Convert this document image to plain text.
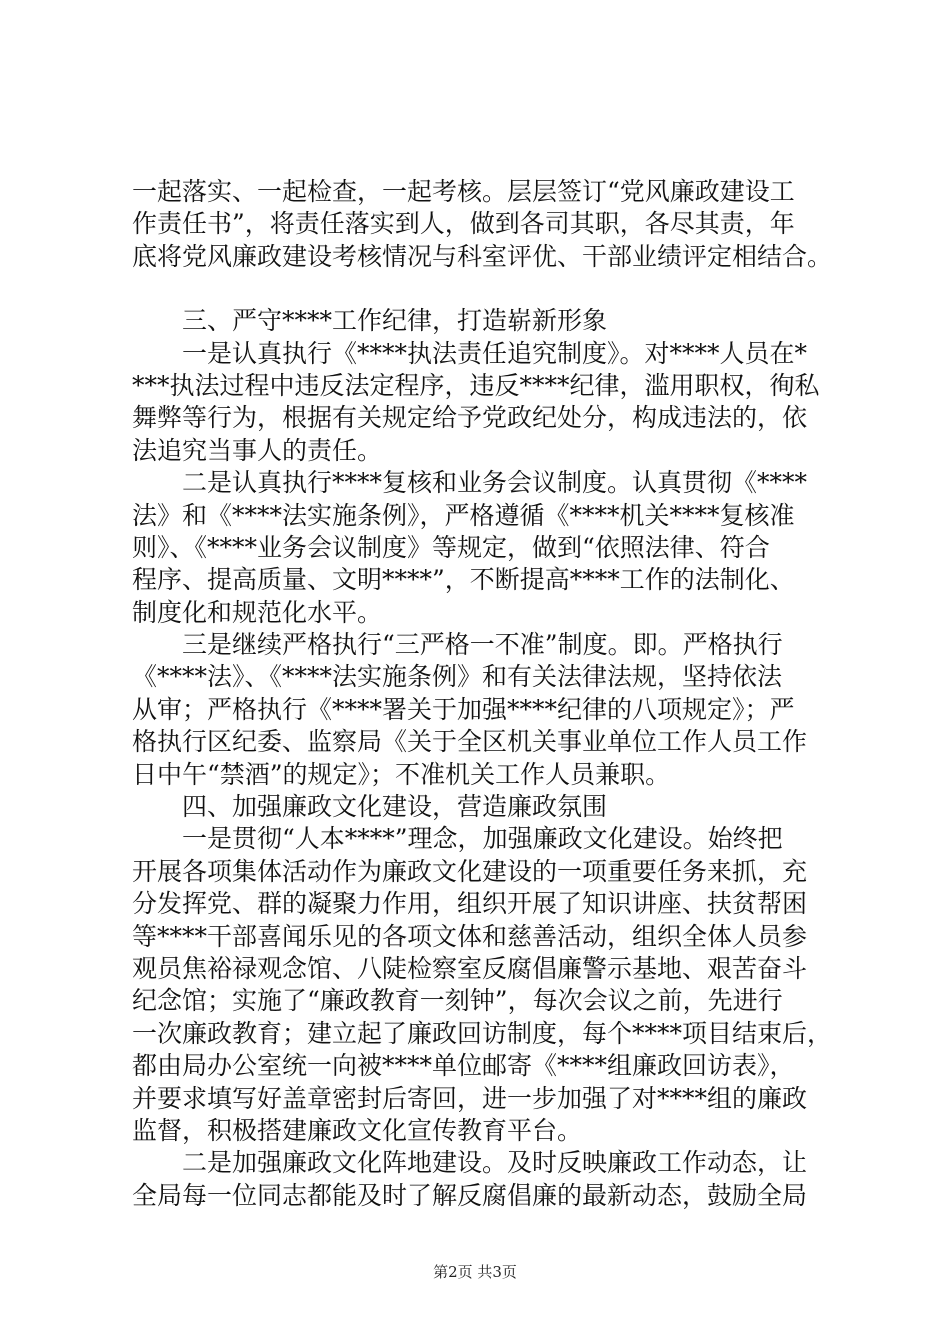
一起落实、一起检查，一起考核。层层签订“党风廉政建设工
作责任书”，将责任落实到人，做到各司其职，各尽其责，年
底将党风廉政建设考核情况与科室评优、干部业绩评定相结合。
　　三、严守****工作纪律，打造崭新形象
　　一是认真执行《****执法责任追究制度》。对****人员在*
***执法过程中违反法定程序，违反****纪律，滥用职权，徇私
舞弊等行为，根据有关规定给予党政纪处分，构成违法的，依
法追究当事人的责任。
　　二是认真执行****复核和业务会议制度。认真贯彻《****
法》和《****法实施条例》，严格遵循《****机关****复核准
则》、《****业务会议制度》等规定，做到“依照法律、符合
程序、提高质量、文明****”，不断提高****工作的法制化、
制度化和规范化水平。
　　三是继续严格执行“三严格一不准”制度。即。严格执行
《****法》、《****法实施条例》和有关法律法规，坚持依法
从审；严格执行《****署关于加强****纪律的八项规定》；严
格执行区纪委、监察局《关于全区机关事业单位工作人员工作
日中午“禁酒”的规定》；不准机关工作人员兼职。
　　四、加强廉政文化建设，营造廉政氛围
　　一是贯彻“人本****”理念，加强廉政文化建设。始终把
开展各项集体活动作为廉政文化建设的一项重要任务来抓，充
分发挥党、群的凝聚力作用，组织开展了知识讲座、扶贫帮困
等****干部喜闻乐见的各项文体和慈善活动，组织全体人员参
观员焦裕禄观念馆、八陡检察室反腐倡廉警示基地、艰苦奋斗
纪念馆；实施了“廉政教育一刻钟”，每次会议之前，先进行
一次廉政教育；建立起了廉政回访制度，每个****项目结束后，
都由局办公室统一向被****单位邮寄《****组廉政回访表》，
并要求填写好盖章密封后寄回，进一步加强了对****组的廉政
监督，积极搭建廉政文化宣传教育平台。
　　二是加强廉政文化阵地建设。及时反映廉政工作动态，让
全局每一位同志都能及时了解反腐倡廉的最新动态，鼓励全局
第2页 共3页
